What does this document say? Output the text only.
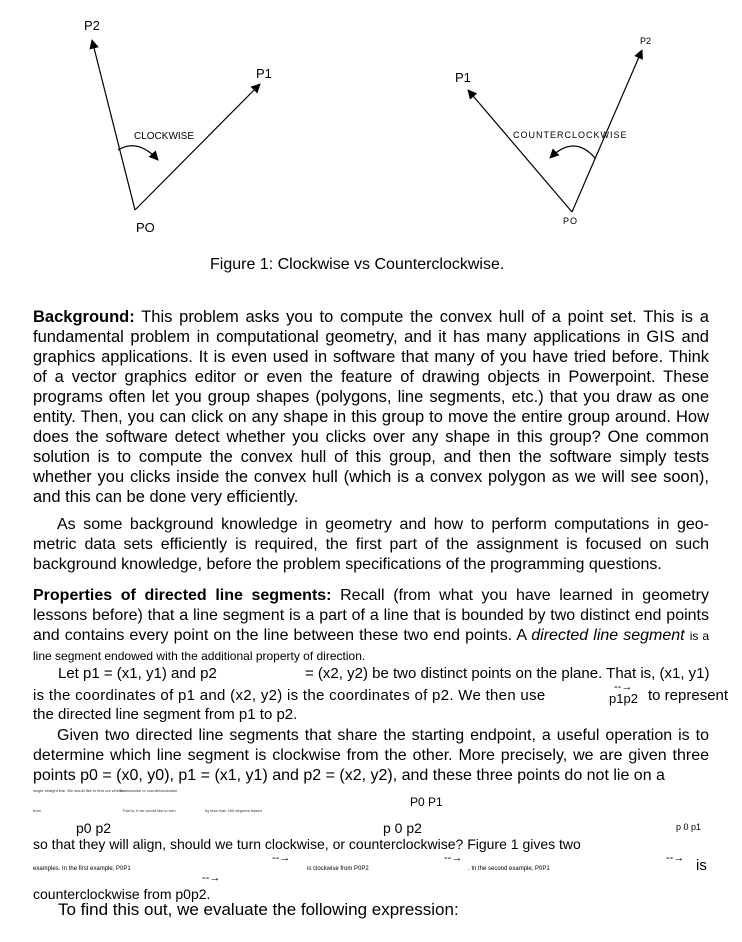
P2
P1
CLOCKWISE
PO
P2
P1
COUNTERCLOCKWISE
PO
Figure 1: Clockwise vs Counterclockwise.
Background: This problem asks you to compute the convex hull of a point set. This is a fundamental problem in computational geometry, and it has many applications in GIS and graphics applications. It is even used in software that many of you have tried before. Think of a vector graphics editor or even the feature of drawing objects in Powerpoint. These programs often let you group shapes (polygons, line segments, etc.) that you draw as one entity. Then, you can click on any shape in this group to move the entire group around. How does the software detect whether you clicks over any shape in this group? One common solution is to compute the convex hull of this group, and then the software simply tests whether you clicks inside the convex hull (which is a convex polygon as we will see soon), and this can be done very efficiently.
As some background knowledge in geometry and how to perform computations in geo-metric data sets efficiently is required, the first part of the assignment is focused on such background knowledge, before the problem specifications of the programming questions.
Properties of directed line segments: Recall (from what you have learned in geometry lessons before) that a line segment is a part of a line that is bounded by two distinct end points and contains every point on the line between these two end points. A directed line segment is a line segment endowed with the additional property of direction.
Let p1 = (x1, y1) and p2	= (x2, y2) be two distinct points on the plane. That is, (x1, y1)
is the coordinates of p1 and (x2, y2) is the coordinates of p2. We then use	--→
p1p2 to represent
the directed line segment from p1 to p2.
Given two directed line segments that share the starting endpoint, a useful operation is to determine which line segment is clockwise from the other. More precisely, we are given three points p0 = (x0, y0), p1 = (x1, y1) and p2 = (x2, y2), and these three points do not lie on a
single straight line. We would like to find out whether
is clockwise or counterclockwise
P0 P1
from	That is, if we would like to turn	by less than 180 degrees based
p0 p2	p 0 p2	p 0 p1
so that they will align, should we turn clockwise, or counterclockwise? Figure 1 gives two
--→	--→	--→ is
examples. In the first example, P0P1	is clockwise from P0P2	. In the second example, P0P1
--→
counterclockwise from p0p2.
To find this out, we evaluate the following expression:
